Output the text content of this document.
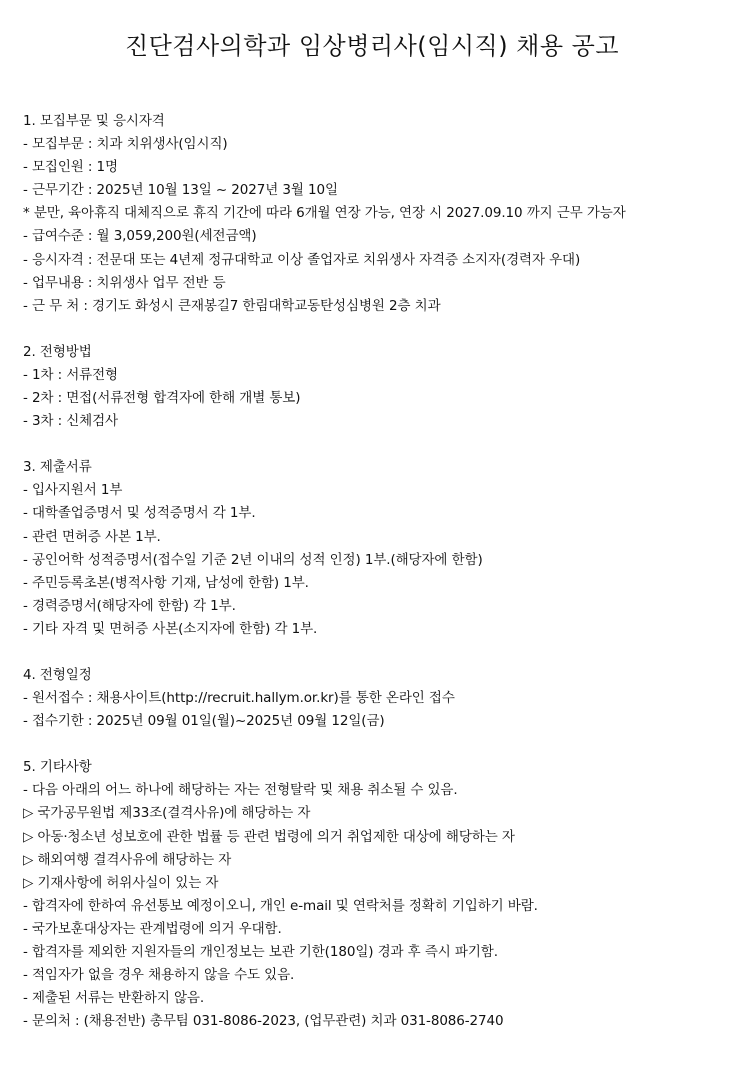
진단검사의학과 임상병리사(임시직) 채용 공고
1. 모집부문 및 응시자격
- 모집부문 : 치과 치위생사(임시직)
- 모집인원 : 1명
- 근무기간 : 2025년 10월 13일 ~ 2027년 3월 10일
* 분만, 육아휴직 대체직으로 휴직 기간에 따라 6개월 연장 가능, 연장 시 2027.09.10 까지 근무 가능자
- 급여수준 : 월 3,059,200원(세전금액)
- 응시자격 : 전문대 또는 4년제 정규대학교 이상 졸업자로 치위생사 자격증 소지자(경력자 우대)
- 업무내용 : 치위생사 업무 전반 등
- 근 무 처 : 경기도 화성시 큰재봉길7 한림대학교동탄성심병원 2층 치과
2. 전형방법
- 1차 : 서류전형
- 2차 : 면접(서류전형 합격자에 한해 개별 통보)
- 3차 : 신체검사
3. 제출서류
- 입사지원서 1부
- 대학졸업증명서 및 성적증명서 각 1부.
- 관련 면허증 사본 1부.
- 공인어학 성적증명서(접수일 기준 2년 이내의 성적 인정) 1부.(해당자에 한함)
- 주민등록초본(병적사항 기재, 남성에 한함) 1부.
- 경력증명서(해당자에 한함) 각 1부.
- 기타 자격 및 면허증 사본(소지자에 한함) 각 1부.
4. 전형일정
- 원서접수 : 채용사이트(http://recruit.hallym.or.kr)를 통한 온라인 접수
- 접수기한 : 2025년 09월 01일(월)~2025년 09월 12일(금)
5. 기타사항
- 다음 아래의 어느 하나에 해당하는 자는 전형탈락 및 채용 취소될 수 있음.
▷ 국가공무원법 제33조(결격사유)에 해당하는 자
▷ 아동·청소년 성보호에 관한 법률 등 관련 법령에 의거 취업제한 대상에 해당하는 자
▷ 해외여행 결격사유에 해당하는 자
▷ 기재사항에 허위사실이 있는 자
- 합격자에 한하여 유선통보 예정이오니, 개인 e-mail 및 연락처를 정확히 기입하기 바람.
- 국가보훈대상자는 관계법령에 의거 우대함.
- 합격자를 제외한 지원자들의 개인정보는 보관 기한(180일) 경과 후 즉시 파기함.
- 적임자가 없을 경우 채용하지 않을 수도 있음.
- 제출된 서류는 반환하지 않음.
- 문의처 : (채용전반) 총무팀 031-8086-2023, (업무관련) 치과 031-8086-2740
